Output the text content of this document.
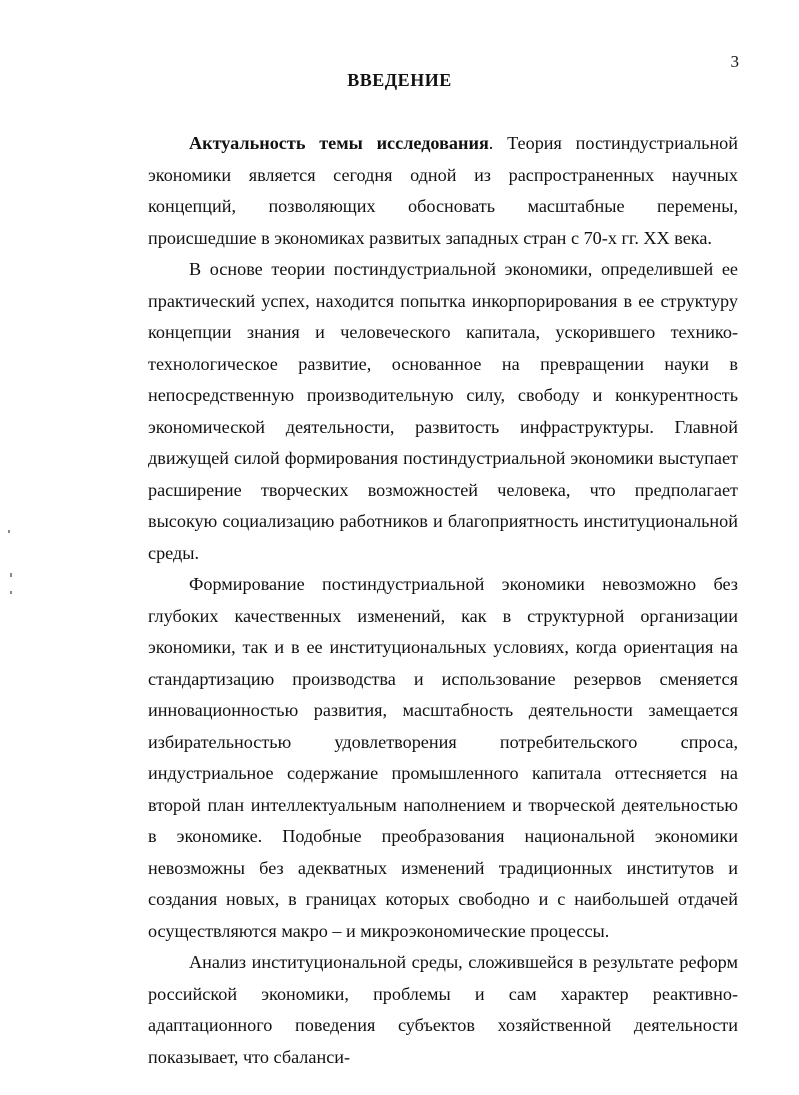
3
ВВЕДЕНИЕ

Актуальность темы исследования. Теория постиндустриальной экономики является сегодня одной из распространенных научных концепций, позволяющих обосновать масштабные перемены, происшедшие в экономиках развитых западных стран с 70-х гг. XX века.

В основе теории постиндустриальной экономики, определившей ее практический успех, находится попытка инкорпорирования в ее структуру концепции знания и человеческого капитала, ускорившего технико-технологическое развитие, основанное на превращении науки в непосредственную производительную силу, свободу и конкурентность экономической деятельности, развитость инфраструктуры. Главной движущей силой формирования постиндустриальной экономики выступает расширение творческих возможностей человека, что предполагает высокую социализацию работников и благоприятность институциональной среды.

Формирование постиндустриальной экономики невозможно без глубоких качественных изменений, как в структурной организации экономики, так и в ее институциональных условиях, когда ориентация на стандартизацию производства и использование резервов сменяется инновационностью развития, масштабность деятельности замещается избирательностью удовлетворения потребительского спроса, индустриальное содержание промышленного капитала оттесняется на второй план интеллектуальным наполнением и творческой деятельностью в экономике. Подобные преобразования национальной экономики невозможны без адекватных изменений традиционных институтов и создания новых, в границах которых свободно и с наибольшей отдачей осуществляются макро – и микроэкономические процессы.

Анализ институциональной среды, сложившейся в результате реформ российской экономики, проблемы и сам характер реактивно-адаптационного поведения субъектов хозяйственной деятельности показывает, что сбаланси-
